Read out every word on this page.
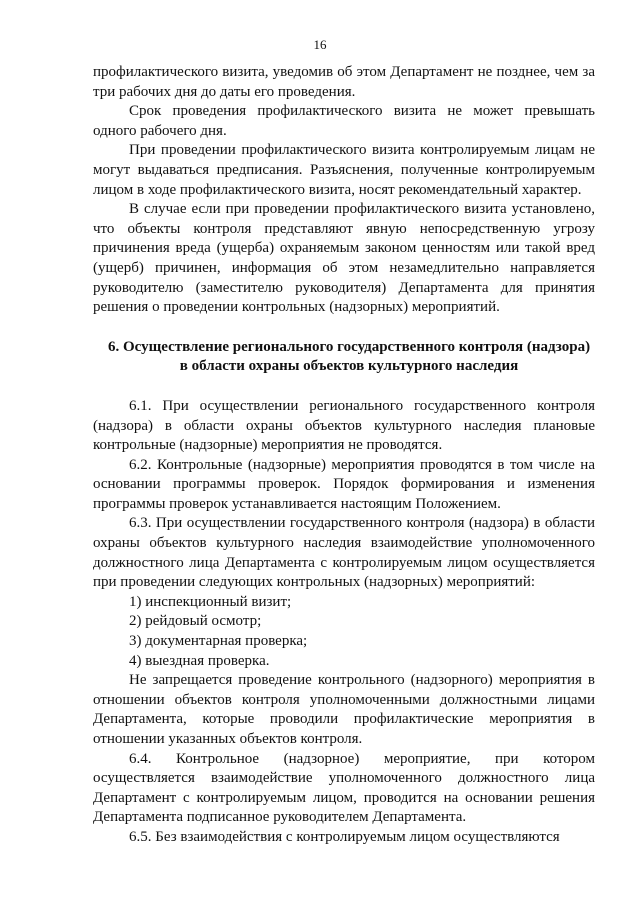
16

профилактического визита, уведомив об этом Департамент не позднее, чем за три рабочих дня до даты его проведения.

Срок проведения профилактического визита не может превышать одного рабочего дня.

При проведении профилактического визита контролируемым лицам не могут выдаваться предписания. Разъяснения, полученные контролируемым лицом в ходе профилактического визита, носят рекомендательный характер.

В случае если при проведении профилактического визита установлено, что объекты контроля представляют явную непосредственную угрозу причинения вреда (ущерба) охраняемым законом ценностям или такой вред (ущерб) причинен, информация об этом незамедлительно направляется руководителю (заместителю руководителя) Департамента для принятия решения о проведении контрольных (надзорных) мероприятий.

6. Осуществление регионального государственного контроля (надзора)
в области охраны объектов культурного наследия

6.1. При осуществлении регионального государственного контроля (надзора) в области охраны объектов культурного наследия плановые контрольные (надзорные) мероприятия не проводятся.

6.2. Контрольные (надзорные) мероприятия проводятся в том числе на основании программы проверок. Порядок формирования и изменения программы проверок устанавливается настоящим Положением.

6.3. При осуществлении государственного контроля (надзора) в области охраны объектов культурного наследия взаимодействие уполномоченного должностного лица Департамента с контролируемым лицом осуществляется при проведении следующих контрольных (надзорных) мероприятий:

1) инспекционный визит;

2) рейдовый осмотр;

3) документарная проверка;

4) выездная проверка.

Не запрещается проведение контрольного (надзорного) мероприятия в отношении объектов контроля уполномоченными должностными лицами Департамента, которые проводили профилактические мероприятия в отношении указанных объектов контроля.

6.4. Контрольное (надзорное) мероприятие, при котором осуществляется взаимодействие уполномоченного должностного лица Департамент с контролируемым лицом, проводится на основании решения Департамента подписанное руководителем Департамента.

6.5. Без взаимодействия с контролируемым лицом осуществляются
